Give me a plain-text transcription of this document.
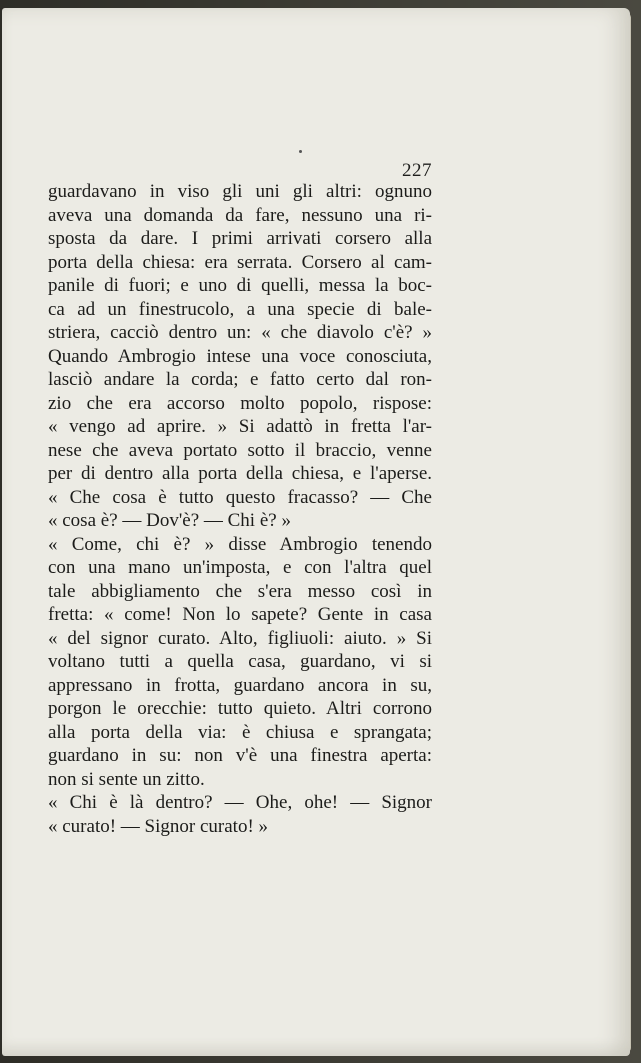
227
guardavano in viso gli uni gli altri: ognuno
aveva una domanda da fare, nessuno una ri-
sposta da dare. I primi arrivati corsero alla
porta della chiesa: era serrata. Corsero al cam-
panile di fuori; e uno di quelli, messa la boc-
ca ad un finestrucolo, a una specie di bale-
striera, cacciò dentro un: « che diavolo c'è? »
Quando Ambrogio intese una voce conosciuta,
lasciò andare la corda; e fatto certo dal ron-
zio che era accorso molto popolo, rispose:
« vengo ad aprire. » Si adattò in fretta l'ar-
nese che aveva portato sotto il braccio, venne
per di dentro alla porta della chiesa, e l'aperse.
« Che cosa è tutto questo fracasso? — Che
« cosa è? — Dov'è? — Chi è? »
« Come, chi è? » disse Ambrogio tenendo
con una mano un'imposta, e con l'altra quel
tale abbigliamento che s'era messo così in
fretta: « come! Non lo sapete? Gente in casa
« del signor curato. Alto, figliuoli: aiuto. » Si
voltano tutti a quella casa, guardano, vi si
appressano in frotta, guardano ancora in su,
porgon le orecchie: tutto quieto. Altri corrono
alla porta della via: è chiusa e sprangata;
guardano in su: non v'è una finestra aperta:
non si sente un zitto.
« Chi è là dentro? — Ohe, ohe! — Signor
« curato! — Signor curato! »
